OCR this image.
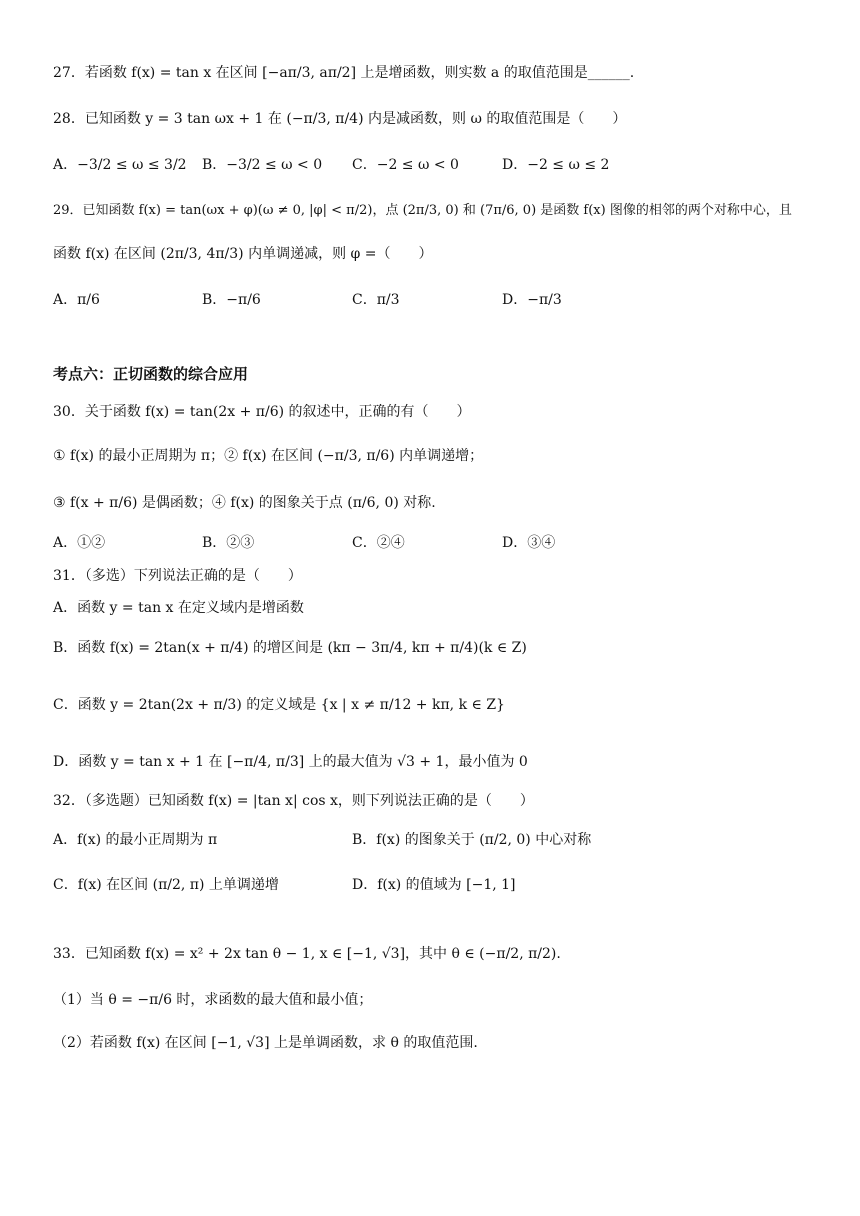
27．若函数 f(x) = tan x 在区间 [−aπ/3, aπ/2] 上是增函数，则实数 a 的取值范围是______.
28．已知函数 y = 3 tan ωx + 1 在 (−π/3, π/4) 内是减函数，则 ω 的取值范围是（　　）
A．−3/2 ≤ ω ≤ 3/2 B．−3/2 ≤ ω < 0 C．−2 ≤ ω < 0	D．−2 ≤ ω ≤ 2
29．已知函数 f(x) = tan(ωx + φ)(ω ≠ 0, |φ| < π/2)，点 (2π/3, 0) 和 (7π/6, 0) 是函数 f(x) 图像的相邻的两个对称中心，且
函数 f(x) 在区间 (2π/3, 4π/3) 内单调递减，则 φ =（　　）
A．π/6	B．−π/6	C．π/3	D．−π/3
考点六：正切函数的综合应用
30．关于函数 f(x) = tan(2x + π/6) 的叙述中，正确的有（　　）
① f(x) 的最小正周期为 π；② f(x) 在区间 (−π/3, π/6) 内单调递增；
③ f(x + π/6) 是偶函数；④ f(x) 的图象关于点 (π/6, 0) 对称.
A．①②	B．②③	C．②④	D．③④
31．（多选）下列说法正确的是（　　）
A．函数 y = tan x 在定义域内是增函数
B．函数 f(x) = 2tan(x + π/4) 的增区间是 (kπ − 3π/4, kπ + π/4)(k ∈ Z)
C．函数 y = 2tan(2x + π/3) 的定义域是 {x | x ≠ π/12 + kπ, k ∈ Z}
D．函数 y = tan x + 1 在 [−π/4, π/3] 上的最大值为 √3 + 1，最小值为 0
32．（多选题）已知函数 f(x) = |tan x| cos x，则下列说法正确的是（　　）
A．f(x) 的最小正周期为 π	B．f(x) 的图象关于 (π/2, 0) 中心对称
C．f(x) 在区间 (π/2, π) 上单调递增	D．f(x) 的值域为 [−1, 1]
33．已知函数 f(x) = x² + 2x tan θ − 1, x ∈ [−1, √3]，其中 θ ∈ (−π/2, π/2).
（1）当 θ = −π/6 时，求函数的最大值和最小值；
（2）若函数 f(x) 在区间 [−1, √3] 上是单调函数，求 θ 的取值范围.
